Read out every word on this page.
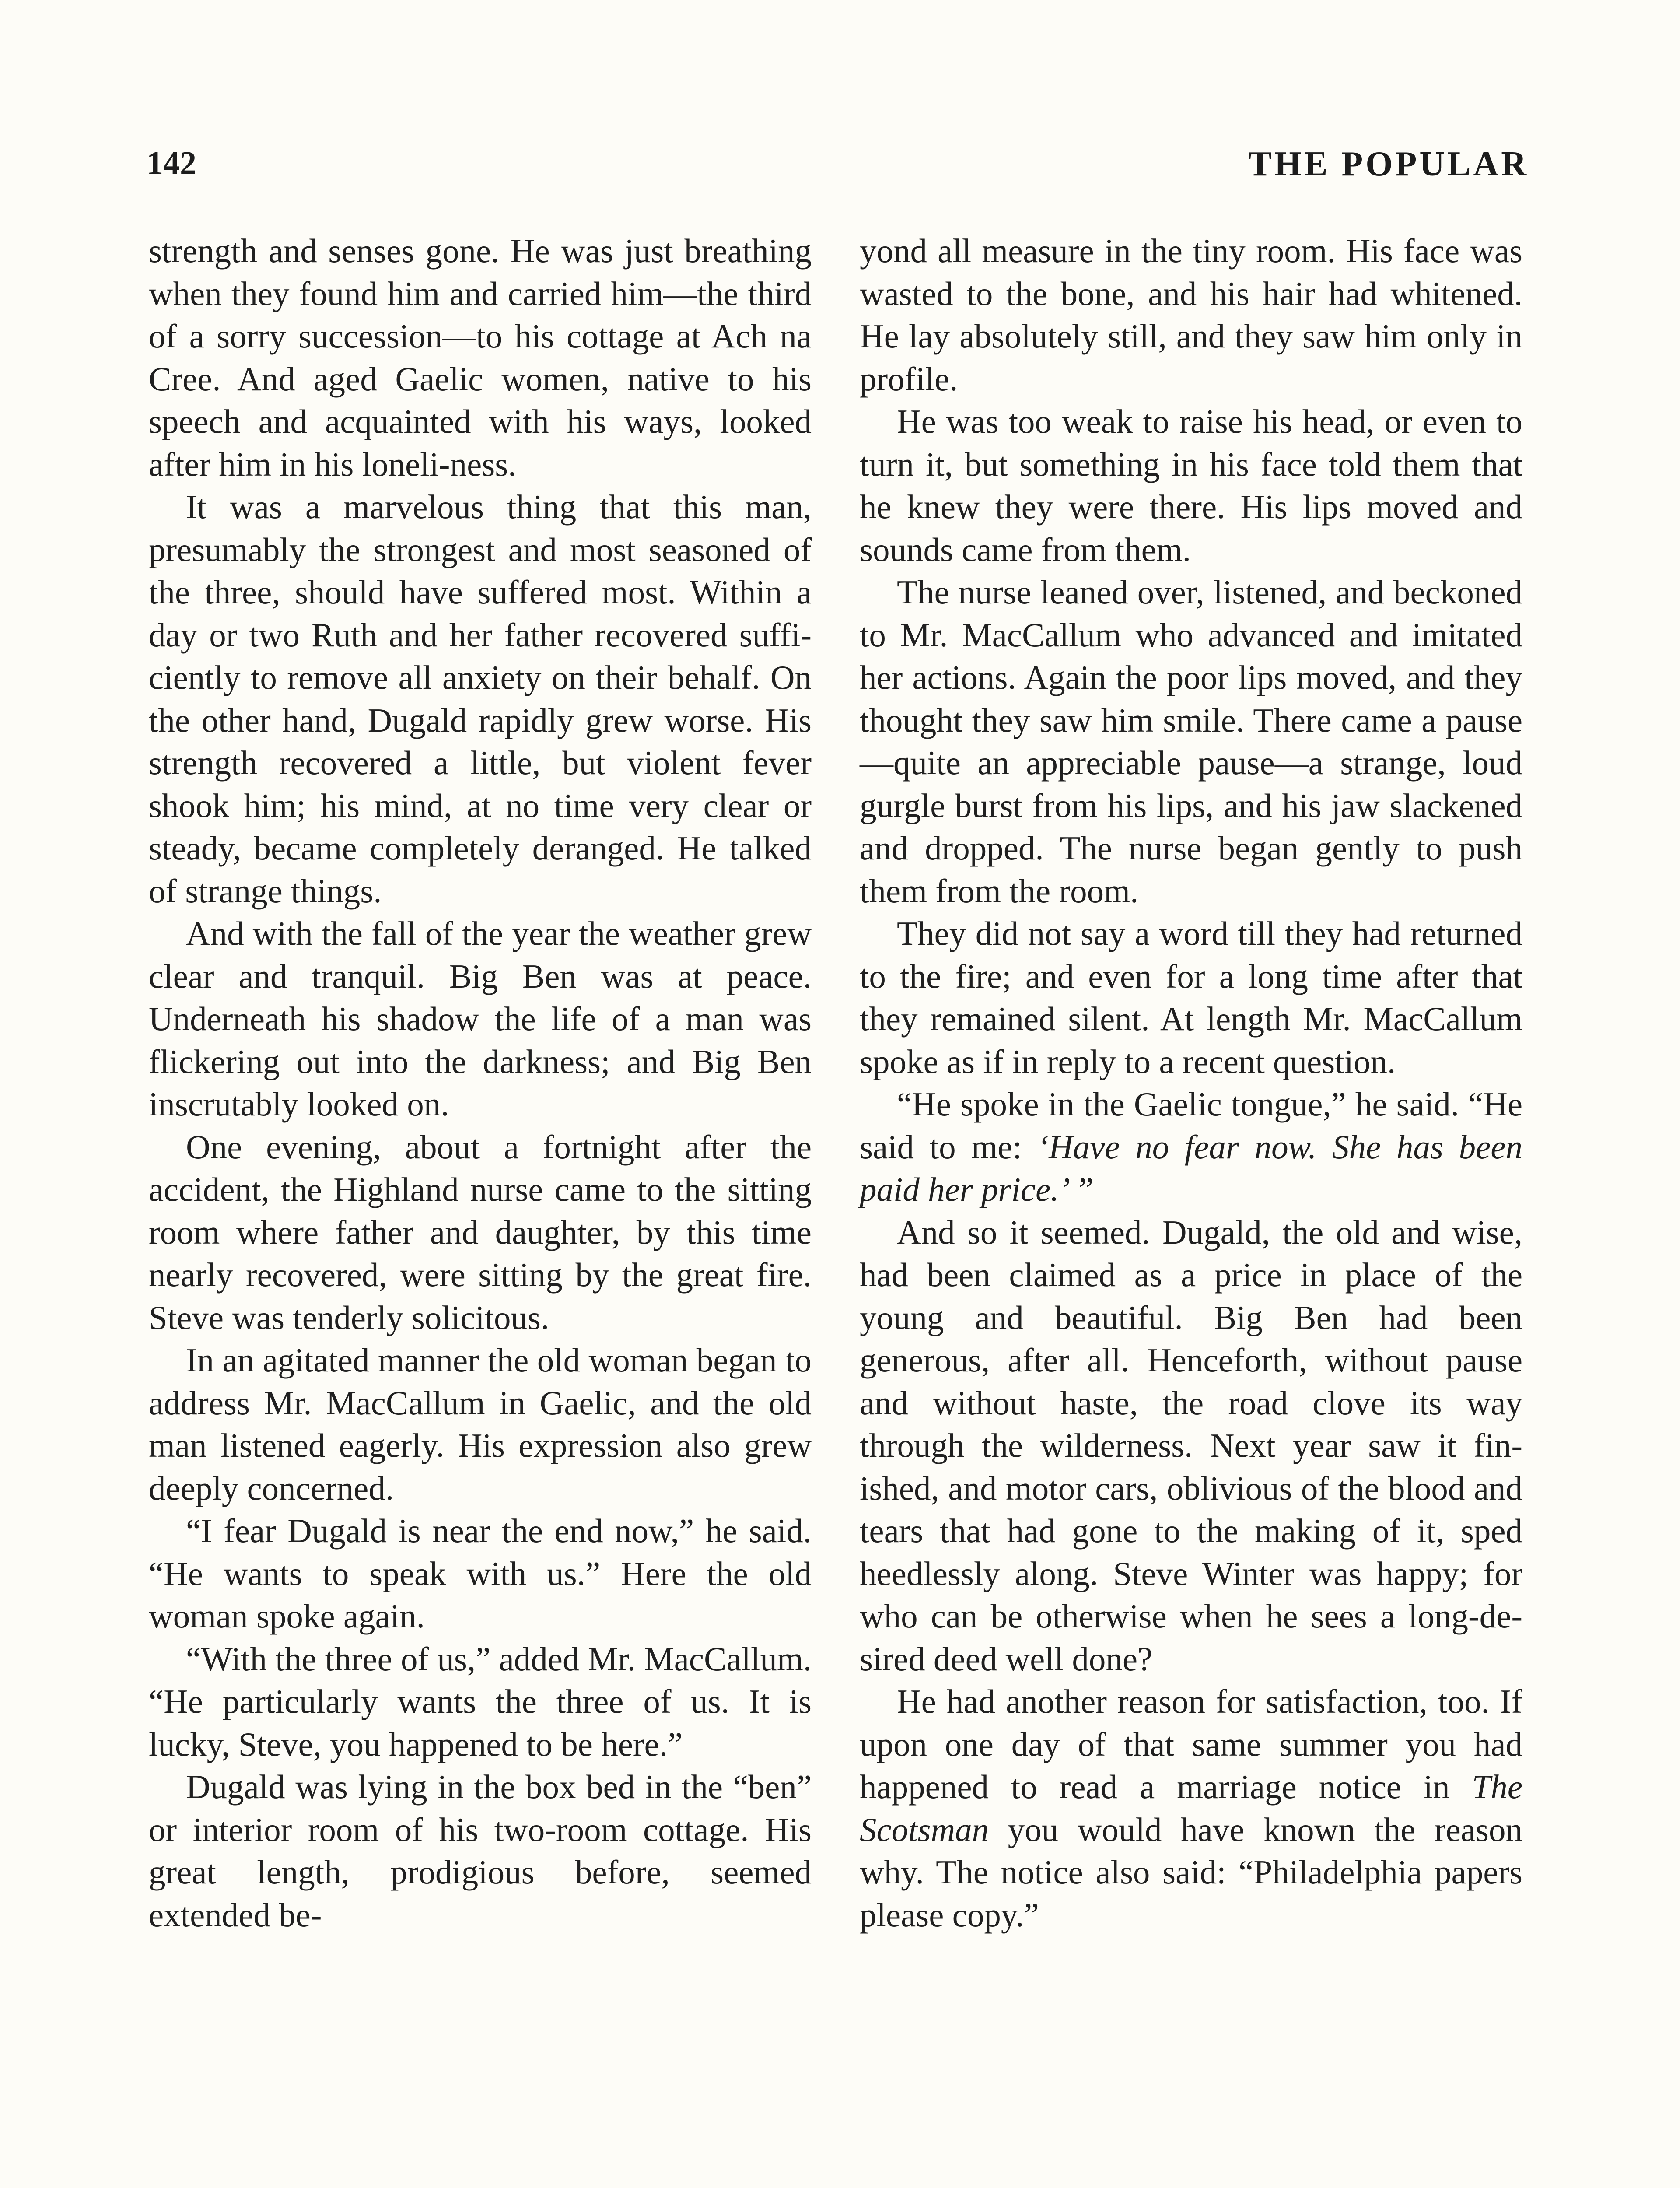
142	THE POPULAR

strength and senses gone. He was just breathing when they found him and carried him—the third of a sorry succession—to his cottage at Ach na Cree. And aged Gaelic women, native to his speech and acquainted with his ways, looked after him in his loneli-ness.

It was a marvelous thing that this man, presumably the strongest and most seasoned of the three, should have suffered most. Within a day or two Ruth and her father recovered sufficiently to remove all anxiety on their behalf. On the other hand, Dugald rapidly grew worse. His strength recovered a little, but violent fever shook him; his mind, at no time very clear or steady, became completely deranged. He talked of strange things.

And with the fall of the year the weather grew clear and tranquil. Big Ben was at peace. Underneath his shadow the life of a man was flickering out into the darkness; and Big Ben inscrutably looked on.

One evening, about a fortnight after the accident, the Highland nurse came to the sitting room where father and daughter, by this time nearly recovered, were sitting by the great fire. Steve was tenderly solicitous.

In an agitated manner the old woman began to address Mr. MacCallum in Gaelic, and the old man listened eagerly. His expression also grew deeply concerned.

“I fear Dugald is near the end now,” he said. “He wants to speak with us.” Here the old woman spoke again.

“With the three of us,” added Mr. MacCallum. “He particularly wants the three of us. It is lucky, Steve, you happened to be here.”

Dugald was lying in the box bed in the “ben” or interior room of his two-room cottage. His great length, prodigious before, seemed extended be-

yond all measure in the tiny room. His face was wasted to the bone, and his hair had whitened. He lay absolutely still, and they saw him only in profile.

He was too weak to raise his head, or even to turn it, but something in his face told them that he knew they were there. His lips moved and sounds came from them.

The nurse leaned over, listened, and beckoned to Mr. MacCallum who advanced and imitated her actions. Again the poor lips moved, and they thought they saw him smile. There came a pause—quite an appreciable pause—a strange, loud gurgle burst from his lips, and his jaw slackened and dropped. The nurse began gently to push them from the room.

They did not say a word till they had returned to the fire; and even for a long time after that they remained silent. At length Mr. MacCallum spoke as if in reply to a recent question.

“He spoke in the Gaelic tongue,” he said. “He said to me: ‘Have no fear now. She has been paid her price.’ ”

And so it seemed. Dugald, the old and wise, had been claimed as a price in place of the young and beautiful. Big Ben had been generous, after all. Henceforth, without pause and without haste, the road clove its way through the wilderness. Next year saw it finished, and motor cars, oblivious of the blood and tears that had gone to the making of it, sped heedlessly along. Steve Winter was happy; for who can be otherwise when he sees a long-desired deed well done?

He had another reason for satisfaction, too. If upon one day of that same summer you had happened to read a marriage notice in The Scotsman you would have known the reason why. The notice also said: “Philadelphia papers please copy.”
